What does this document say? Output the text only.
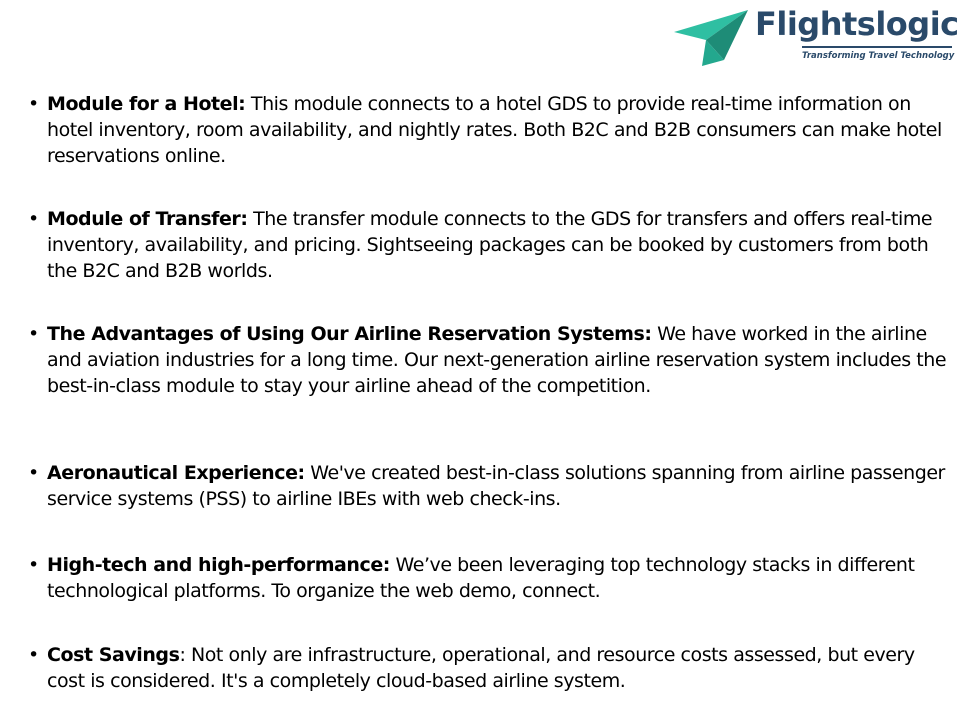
Flightslogic
Transforming Travel Technology
• Module for a Hotel: This module connects to a hotel GDS to provide real-time information on hotel inventory, room availability, and nightly rates. Both B2C and B2B consumers can make hotel reservations online.
• Module of Transfer: The transfer module connects to the GDS for transfers and offers real-time inventory, availability, and pricing. Sightseeing packages can be booked by customers from both the B2C and B2B worlds.
• The Advantages of Using Our Airline Reservation Systems: We have worked in the airline and aviation industries for a long time. Our next-generation airline reservation system includes the best-in-class module to stay your airline ahead of the competition.
• Aeronautical Experience: We've created best-in-class solutions spanning from airline passenger service systems (PSS) to airline IBEs with web check-ins.
• High-tech and high-performance: We’ve been leveraging top technology stacks in different technological platforms. To organize the web demo, connect.
• Cost Savings: Not only are infrastructure, operational, and resource costs assessed, but every cost is considered. It's a completely cloud-based airline system.
